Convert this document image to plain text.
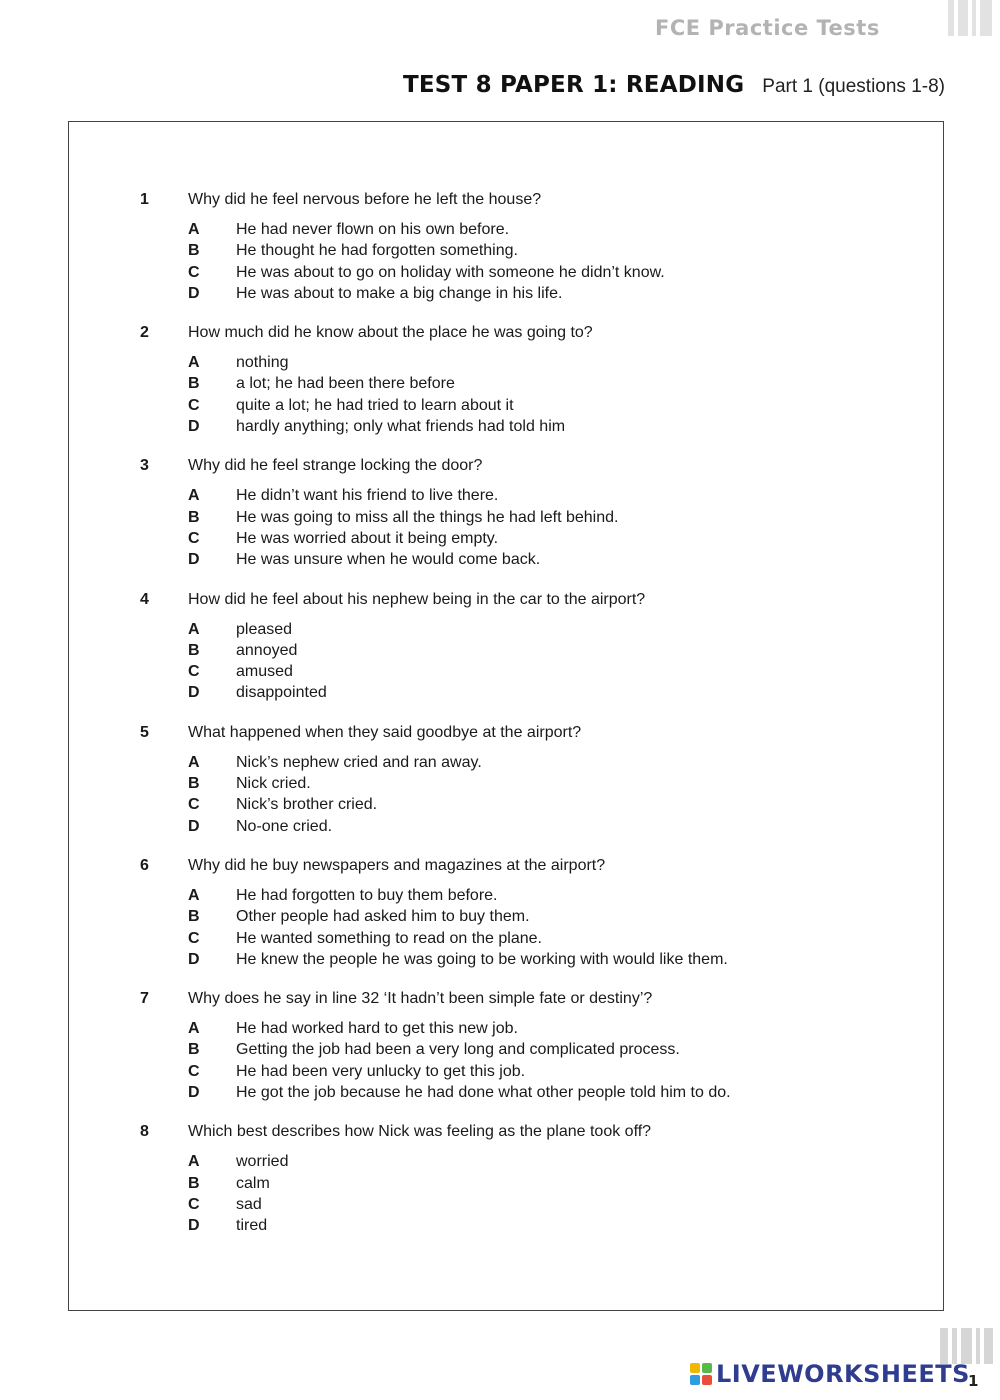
FCE Practice Tests
TEST 8 PAPER 1: READING Part 1 (questions 1-8)
1	Why did he feel nervous before he left the house?
A	He had never flown on his own before.
B	He thought he had forgotten something.
C	He was about to go on holiday with someone he didn’t know.
D	He was about to make a big change in his life.
2	How much did he know about the place he was going to?
A	nothing
B	a lot; he had been there before
C	quite a lot; he had tried to learn about it
D	hardly anything; only what friends had told him
3	Why did he feel strange locking the door?
A	He didn’t want his friend to live there.
B	He was going to miss all the things he had left behind.
C	He was worried about it being empty.
D	He was unsure when he would come back.
4	How did he feel about his nephew being in the car to the airport?
A	pleased
B	annoyed
C	amused
D	disappointed
5	What happened when they said goodbye at the airport?
A	Nick’s nephew cried and ran away.
B	Nick cried.
C	Nick’s brother cried.
D	No-one cried.
6	Why did he buy newspapers and magazines at the airport?
A	He had forgotten to buy them before.
B	Other people had asked him to buy them.
C	He wanted something to read on the plane.
D	He knew the people he was going to be working with would like them.
7	Why does he say in line 32 ‘It hadn’t been simple fate or destiny’?
A	He had worked hard to get this new job.
B	Getting the job had been a very long and complicated process.
C	He had been very unlucky to get this job.
D	He got the job because he had done what other people told him to do.
8	Which best describes how Nick was feeling as the plane took off?
A	worried
B	calm
C	sad
D	tired
LIVEWORKSHEETS
1
